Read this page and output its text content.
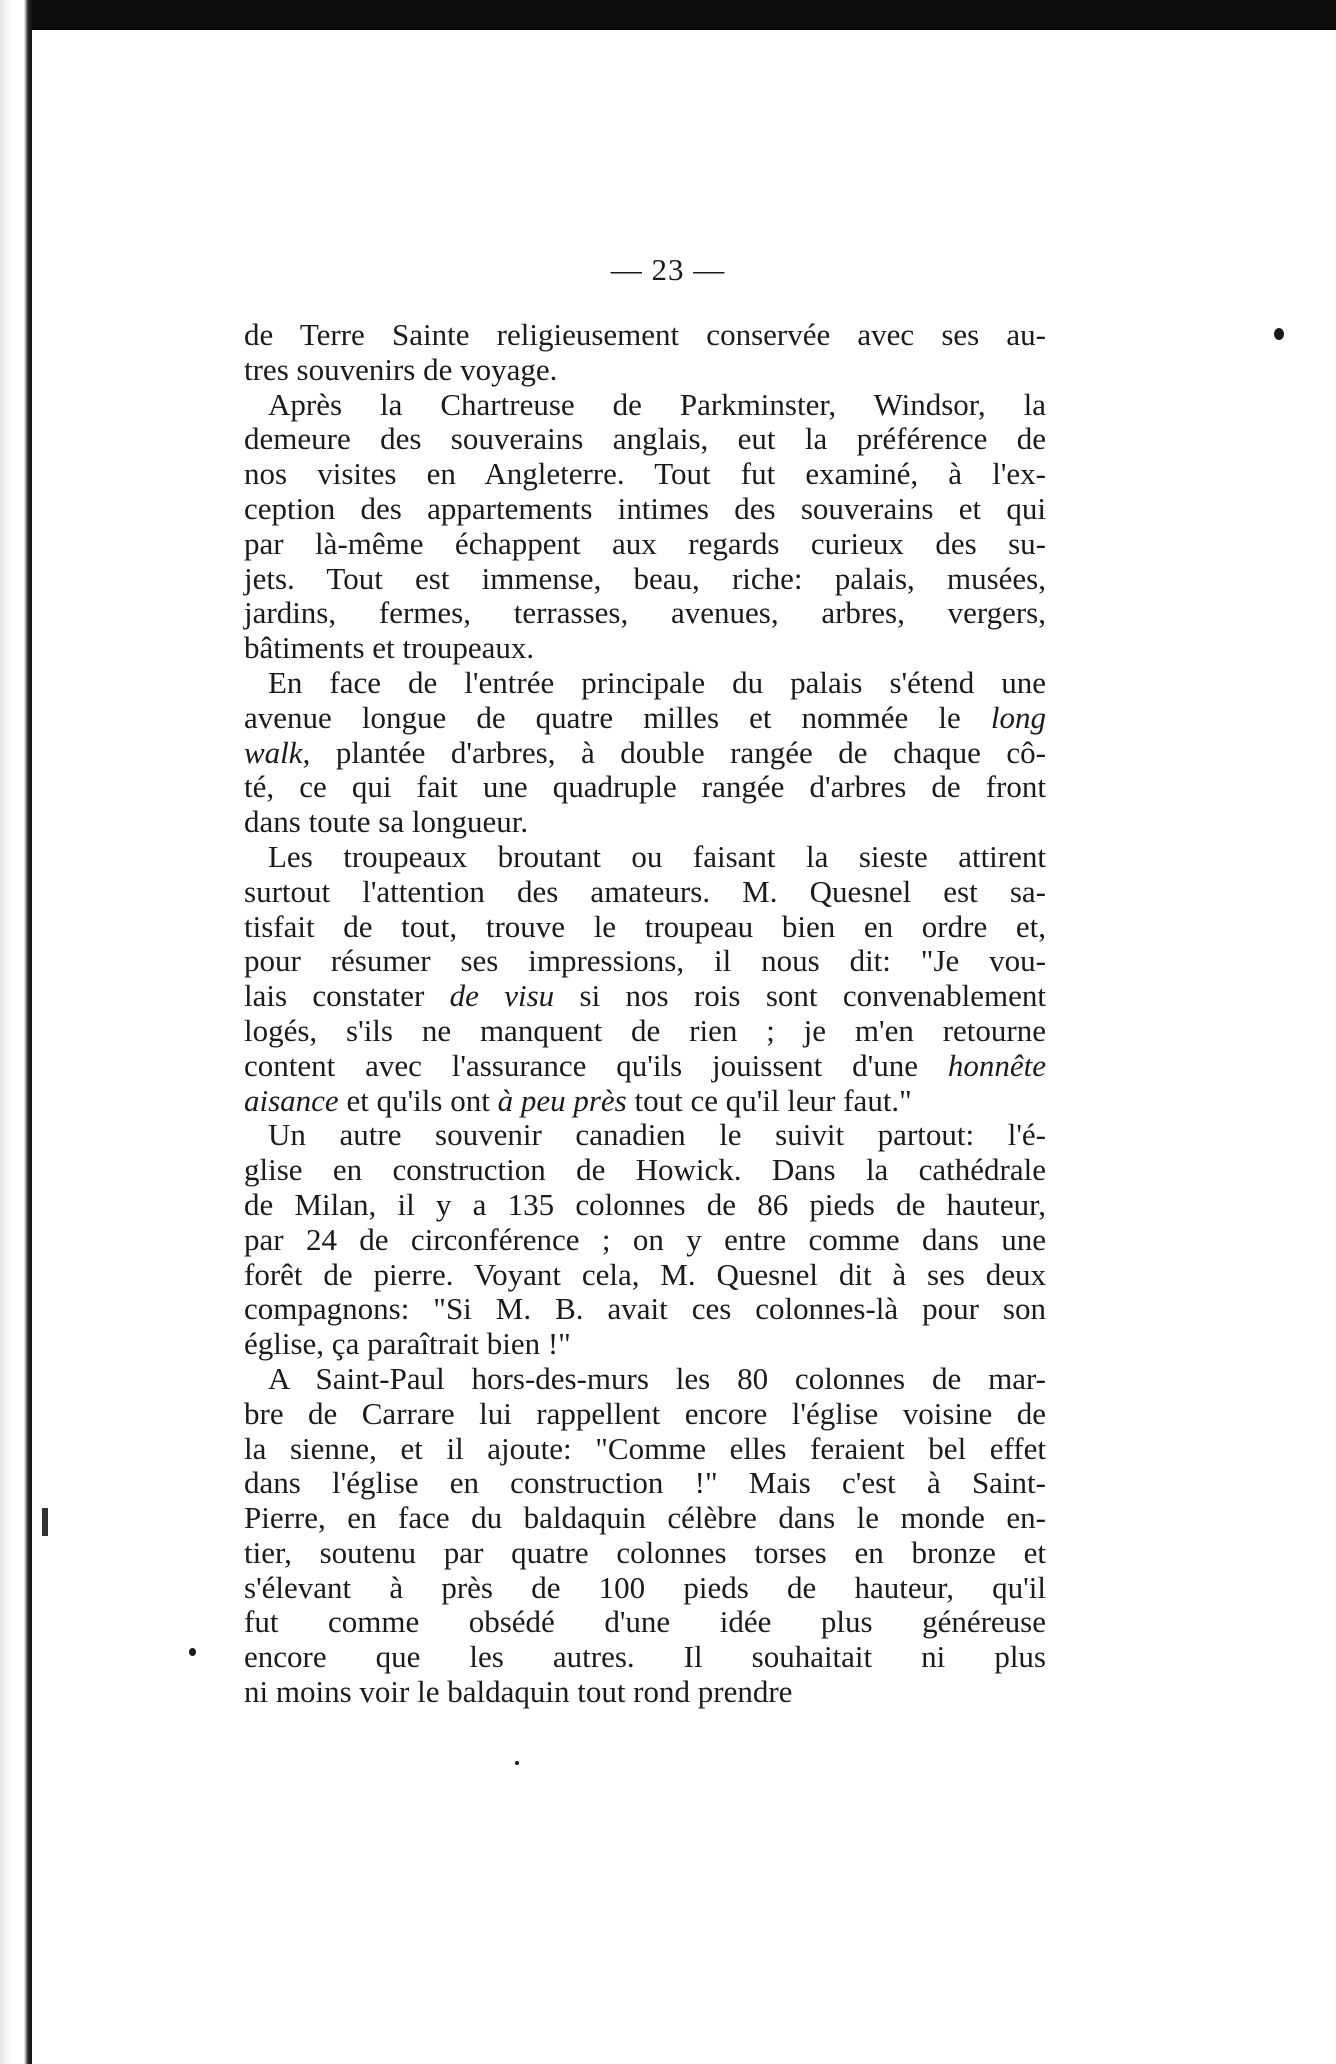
— 23 —
de Terre Sainte religieusement conservée avec ses au-
tres souvenirs de voyage.
Après la Chartreuse de Parkminster, Windsor, la
demeure des souverains anglais, eut la préférence de
nos visites en Angleterre. Tout fut examiné, à l'ex-
ception des appartements intimes des souverains et qui
par là-même échappent aux regards curieux des su-
jets. Tout est immense, beau, riche: palais, musées,
jardins, fermes, terrasses, avenues, arbres, vergers,
bâtiments et troupeaux.
En face de l'entrée principale du palais s'étend une
avenue longue de quatre milles et nommée le long
walk, plantée d'arbres, à double rangée de chaque cô-
té, ce qui fait une quadruple rangée d'arbres de front
dans toute sa longueur.
Les troupeaux broutant ou faisant la sieste attirent
surtout l'attention des amateurs. M. Quesnel est sa-
tisfait de tout, trouve le troupeau bien en ordre et,
pour résumer ses impressions, il nous dit: "Je vou-
lais constater de visu si nos rois sont convenablement
logés, s'ils ne manquent de rien ; je m'en retourne
content avec l'assurance qu'ils jouissent d'une honnête
aisance et qu'ils ont à peu près tout ce qu'il leur faut."
Un autre souvenir canadien le suivit partout: l'é-
glise en construction de Howick. Dans la cathédrale
de Milan, il y a 135 colonnes de 86 pieds de hauteur,
par 24 de circonférence ; on y entre comme dans une
forêt de pierre. Voyant cela, M. Quesnel dit à ses deux
compagnons: "Si M. B. avait ces colonnes-là pour son
église, ça paraîtrait bien !"
A Saint-Paul hors-des-murs les 80 colonnes de mar-
bre de Carrare lui rappellent encore l'église voisine de
la sienne, et il ajoute: "Comme elles feraient bel effet
dans l'église en construction !" Mais c'est à Saint-
Pierre, en face du baldaquin célèbre dans le monde en-
tier, soutenu par quatre colonnes torses en bronze et
s'élevant à près de 100 pieds de hauteur, qu'il
fut comme obsédé d'une idée plus généreuse
encore que les autres. Il souhaitait ni plus
ni moins voir le baldaquin tout rond prendre
